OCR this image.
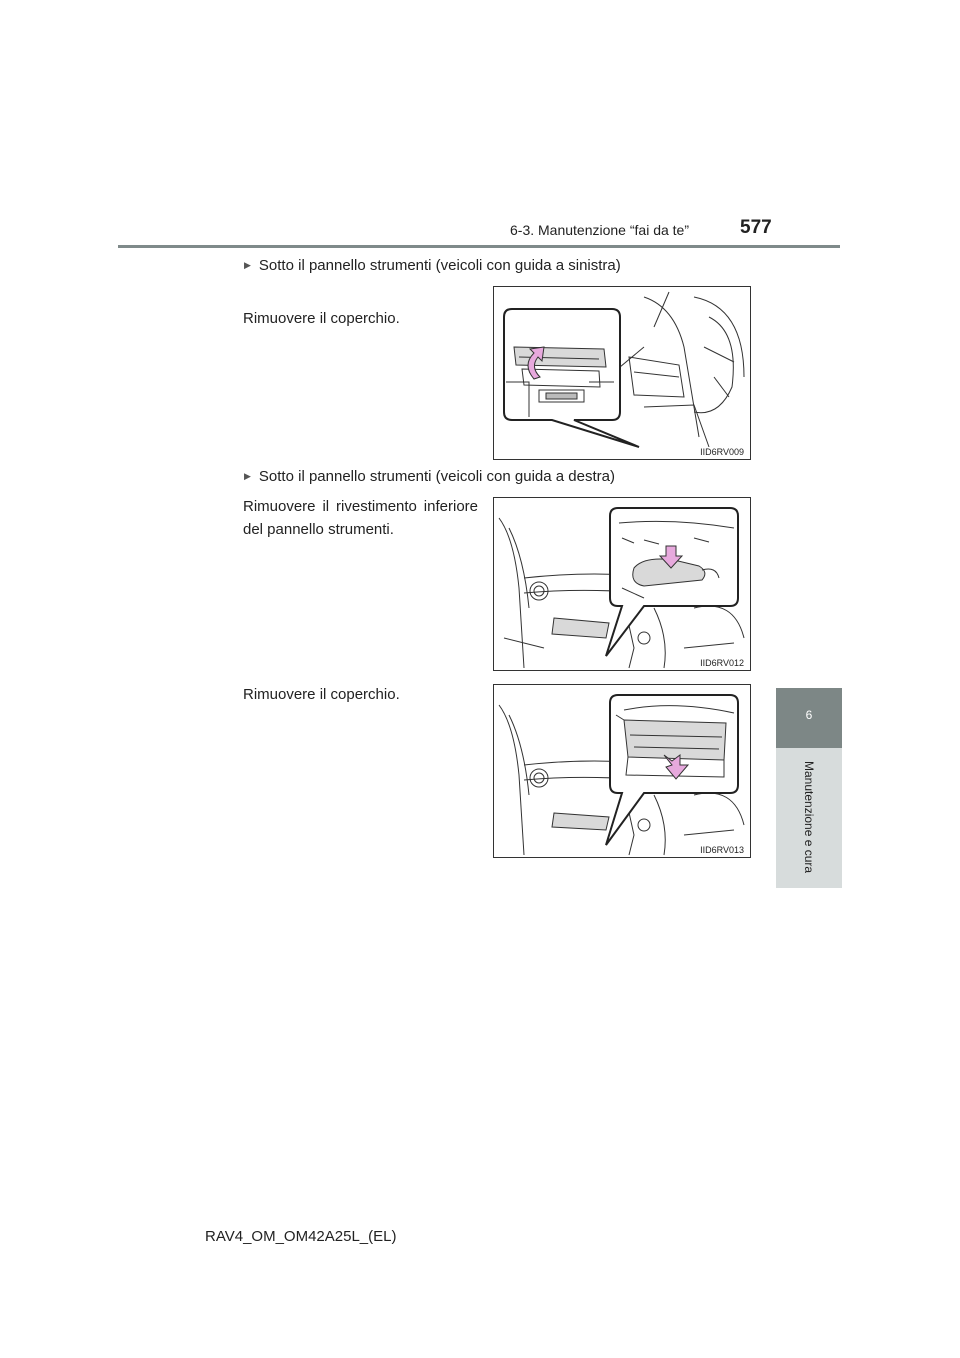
6-3. Manutenzione “fai da te”	577
6
Manutenzione e cura
▶ Sotto il pannello strumenti (veicoli con guida a sinistra)
Rimuovere il coperchio.
IID6RV009
▶ Sotto il pannello strumenti (veicoli con guida a destra)
Rimuovere il rivestimento inferiore del pannello strumenti.
IID6RV012
Rimuovere il coperchio.
IID6RV013
RAV4_OM_OM42A25L_(EL)
